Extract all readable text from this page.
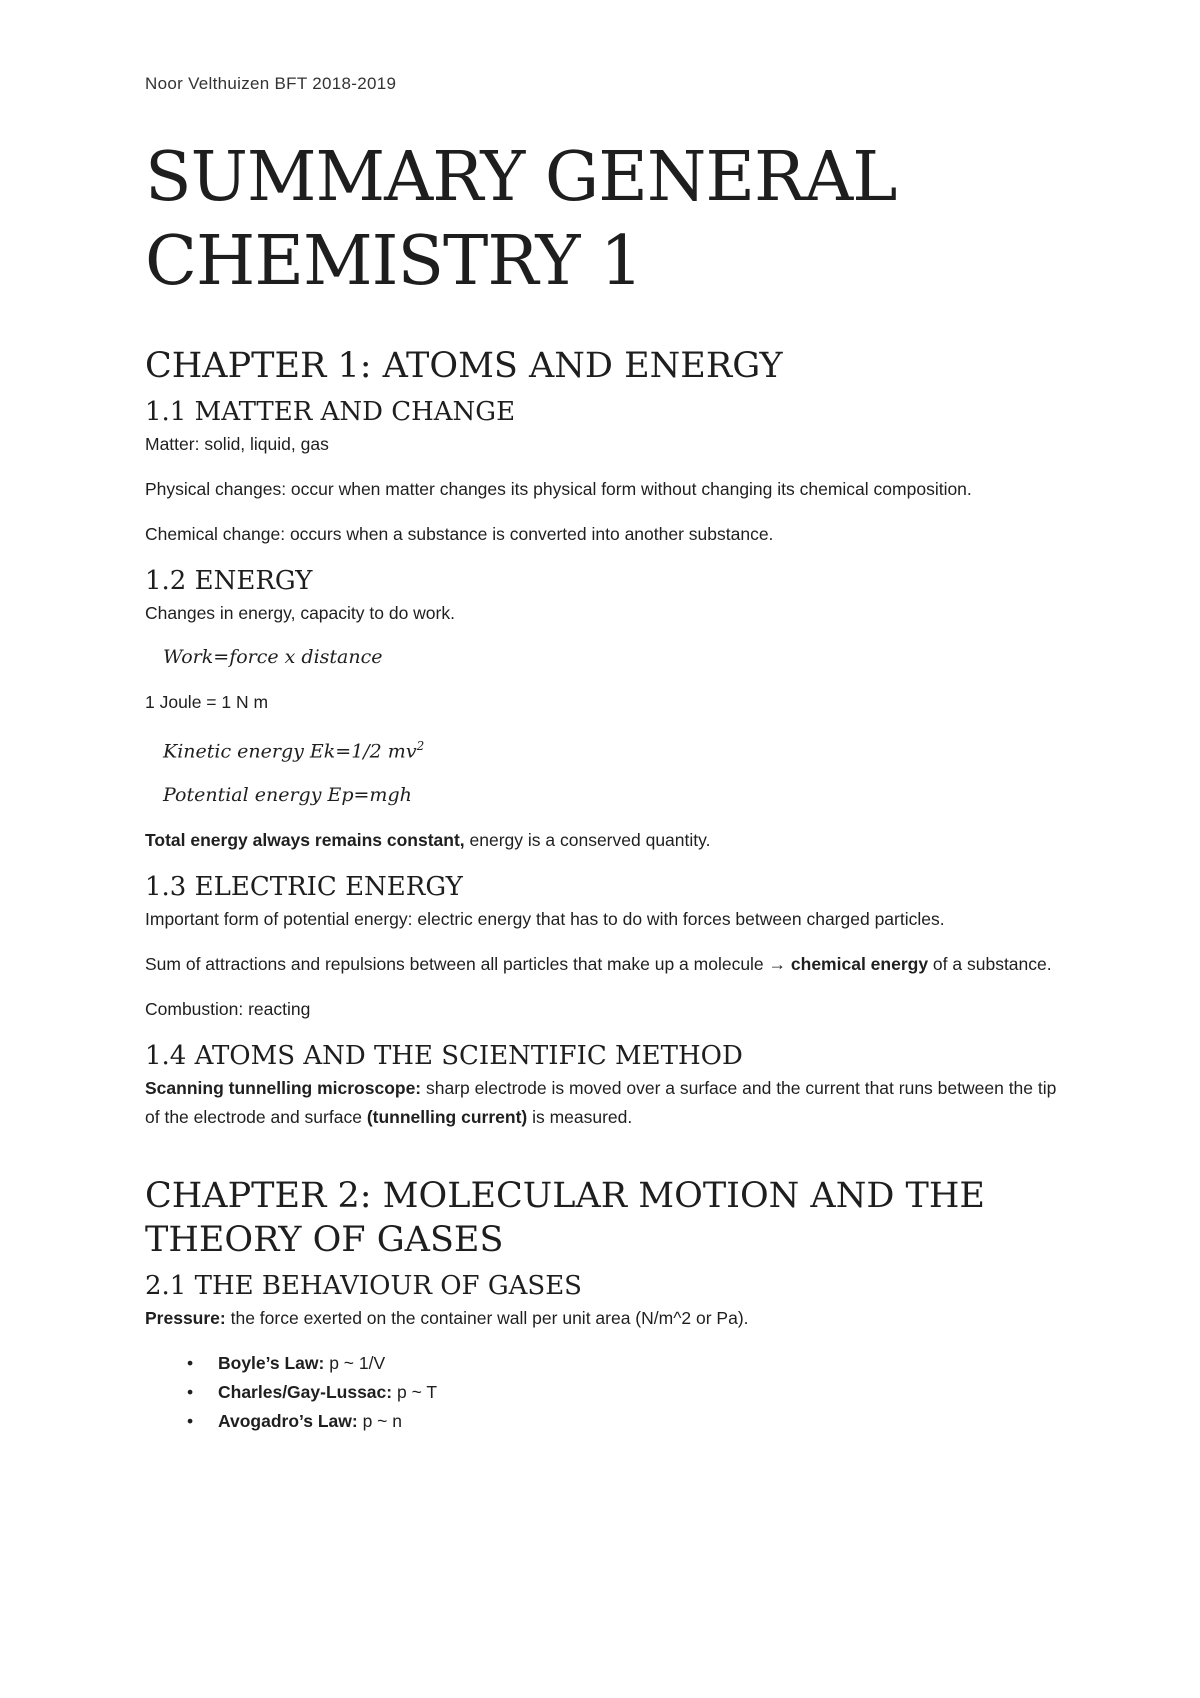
Noor Velthuizen BFT 2018-2019
SUMMARY GENERAL
CHEMISTRY 1
CHAPTER 1: ATOMS AND ENERGY
1.1 MATTER AND CHANGE

Matter: solid, liquid, gas

Physical changes: occur when matter changes its physical form without changing its chemical composition.

Chemical change: occurs when a substance is converted into another substance.

1.2 ENERGY

Changes in energy, capacity to do work.

Work=force x distance

1 Joule = 1 N m

Kinetic energy Ek=1/2 $mv^2$
Potential energy Ep=mgh

Total energy always remains constant, energy is a conserved quantity.

1.3 ELECTRIC ENERGY

Important form of potential energy: electric energy that has to do with forces between charged particles.

Sum of attractions and repulsions between all particles that make up a molecule → chemical energy of a substance.

Combustion: reacting

1.4 ATOMS AND THE SCIENTIFIC METHOD

Scanning tunnelling microscope: sharp electrode is moved over a surface and the current that runs between the tip of the electrode and surface (tunnelling current) is measured.

CHAPTER 2: MOLECULAR MOTION AND THE
THEORY OF GASES
2.1 THE BEHAVIOUR OF GASES

Pressure: the force exerted on the container wall per unit area (N/m^2 or Pa).

• Boyle’s Law: p ~ 1/V
• Charles/Gay-Lussac: p ~ T
• Avogadro’s Law: p ~ n
